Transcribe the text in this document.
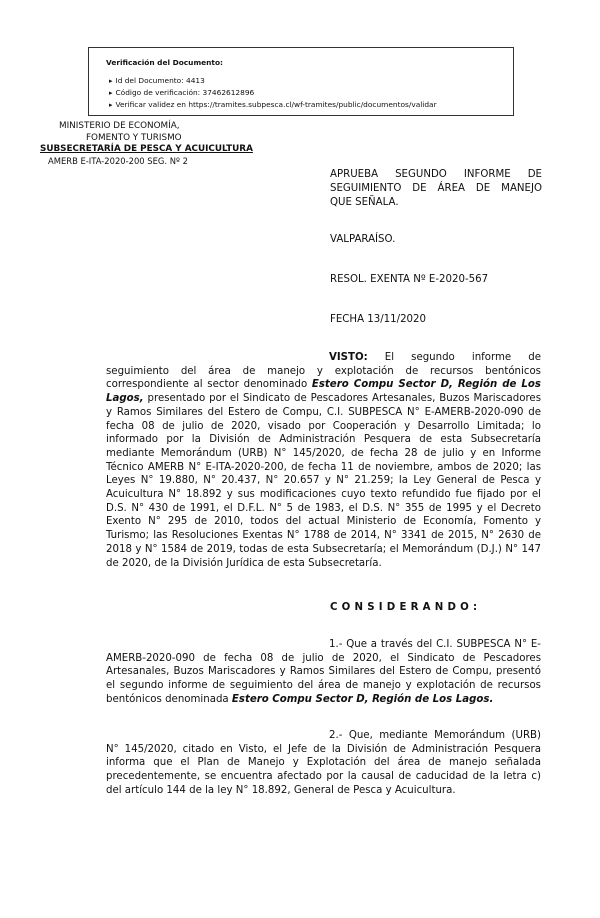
Verificación del Documento:
▸ Id del Documento: 4413
▸ Código de verificación: 37462612896
▸ Verificar validez en https://tramites.subpesca.cl/wf-tramites/public/documentos/validar
MINISTERIO DE ECONOMÍA,
FOMENTO Y TURISMO
SUBSECRETARÍA DE PESCA Y ACUICULTURA
AMERB E-ITA-2020-200 SEG. Nº 2
APRUEBA SEGUNDO INFORME DE
SEGUIMIENTO DE ÁREA DE MANEJO
QUE SEÑALA.
VALPARAÍSO.
RESOL. EXENTA Nº E-2020-567
FECHA 13/11/2020
VISTO: El segundo informe de seguimiento del área de manejo y explotación de recursos bentónicos correspondiente al sector denominado Estero Compu Sector D, Región de Los Lagos, presentado por el Sindicato de Pescadores Artesanales, Buzos Mariscadores y Ramos Similares del Estero de Compu, C.I. SUBPESCA N° E-AMERB-2020-090 de fecha 08 de julio de 2020, visado por Cooperación y Desarrollo Limitada; lo informado por la División de Administración Pesquera de esta Subsecretaría mediante Memorándum (URB) N° 145/2020, de fecha 28 de julio y en Informe Técnico AMERB N° E-ITA-2020-200, de fecha 11 de noviembre, ambos de 2020; las Leyes N° 19.880, N° 20.437, N° 20.657 y N° 21.259; la Ley General de Pesca y Acuicultura N° 18.892 y sus modificaciones cuyo texto refundido fue fijado por el D.S. N° 430 de 1991, el D.F.L. N° 5 de 1983, el D.S. N° 355 de 1995 y el Decreto Exento N° 295 de 2010, todos del actual Ministerio de Economía, Fomento y Turismo; las Resoluciones Exentas N° 1788 de 2014, N° 3341 de 2015, N° 2630 de 2018 y N° 1584 de 2019, todas de esta Subsecretaría; el Memorándum (D.J.) N° 147 de 2020, de la División Jurídica de esta Subsecretaría.
CONSIDERANDO:
1.- Que a través del C.I. SUBPESCA N° E-AMERB-2020-090 de fecha 08 de julio de 2020, el Sindicato de Pescadores Artesanales, Buzos Mariscadores y Ramos Similares del Estero de Compu, presentó el segundo informe de seguimiento del área de manejo y explotación de recursos bentónicos denominada Estero Compu Sector D, Región de Los Lagos.
2.- Que, mediante Memorándum (URB) N° 145/2020, citado en Visto, el Jefe de la División de Administración Pesquera informa que el Plan de Manejo y Explotación del área de manejo señalada precedentemente, se encuentra afectado por la causal de caducidad de la letra c) del artículo 144 de la ley N° 18.892, General de Pesca y Acuicultura.
